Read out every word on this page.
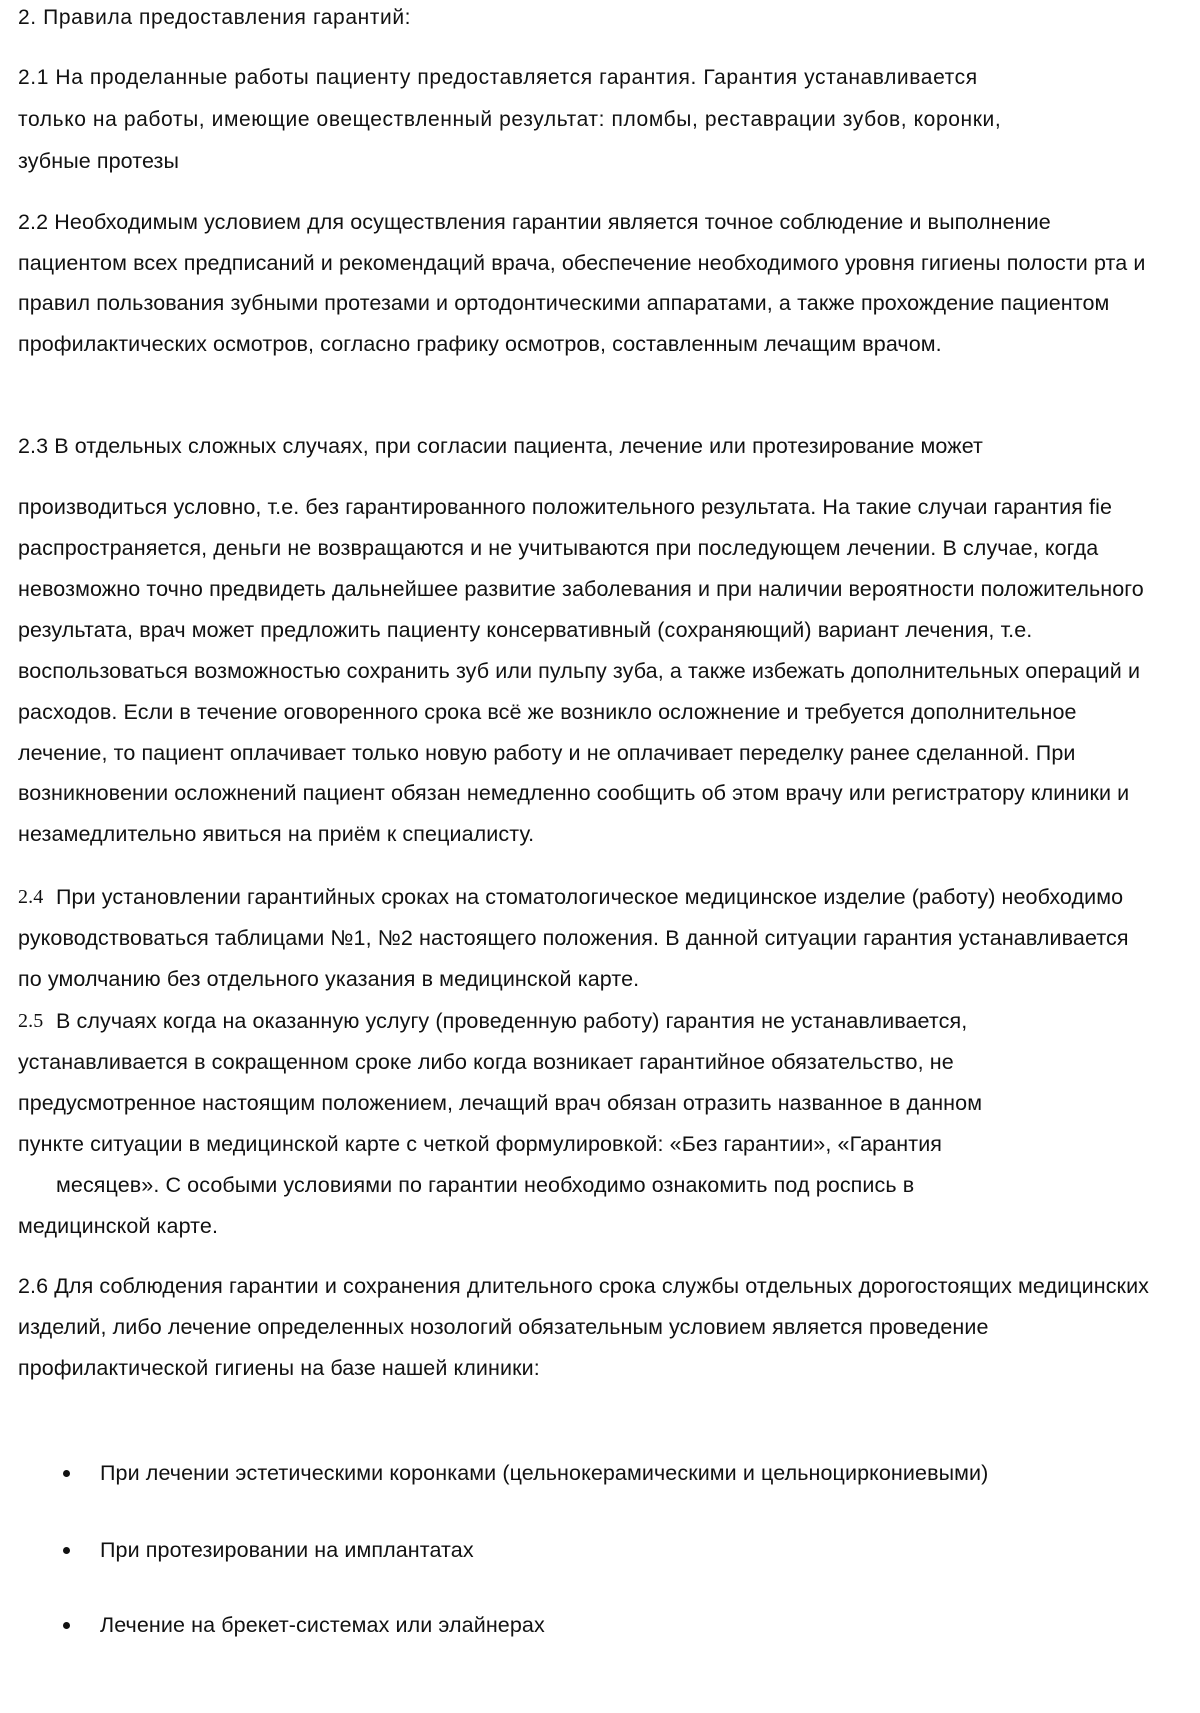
2. Правила предоставления гарантий:
2.1 На проделанные работы пациенту предоставляется гарантия. Гарантия устанавливается
только на работы, имеющие овеществленный результат: пломбы, реставрации зубов, коронки,
зубные протезы
2.2 Необходимым условием для осуществления гарантии является точное соблюдение и выполнение
пациентом всех предписаний и рекомендаций врача, обеспечение необходимого уровня гигиены полости рта и
правил пользования зубными протезами и ортодонтическими аппаратами, а также прохождение пациентом
профилактических осмотров, согласно графику осмотров, составленным лечащим врачом.
2.3 В отдельных сложных случаях, при согласии пациента, лечение или протезирование может
производиться условно, т.е. без гарантированного положительного результата. На такие случаи гарантия fie
распространяется, деньги не возвращаются и не учитываются при последующем лечении. В случае, когда
невозможно точно предвидеть дальнейшее развитие заболевания и при наличии вероятности положительного
результата, врач может предложить пациенту консервативный (сохраняющий) вариант лечения, т.е.
воспользоваться возможностью сохранить зуб или пульпу зуба, а также избежать дополнительных операций и
расходов. Если в течение оговоренного срока всё же возникло осложнение и требуется дополнительное
лечение, то пациент оплачивает только новую работу и не оплачивает переделку ранее сделанной. При
возникновении осложнений пациент обязан немедленно сообщить об этом врачу или регистратору клиники и
незамедлительно явиться на приём к специалисту.
2.4 При установлении гарантийных сроках на стоматологическое медицинское изделие (работу) необходимо
руководствоваться таблицами №1, №2 настоящего положения. В данной ситуации гарантия устанавливается
по умолчанию без отдельного указания в медицинской карте.
2.5 В случаях когда на оказанную услугу (проведенную работу) гарантия не устанавливается,
устанавливается в сокращенном сроке либо когда возникает гарантийное обязательство, не
предусмотренное настоящим положением, лечащий врач обязан отразить названное в данном
пункте ситуации в медицинской карте с четкой формулировкой: «Без гарантии», «Гарантия
месяцев». С особыми условиями по гарантии необходимо ознакомить под роспись в
медицинской карте.
2.6 Для соблюдения гарантии и сохранения длительного срока службы отдельных дорогостоящих медицинских
изделий, либо лечение определенных нозологий обязательным условием является проведение
профилактической гигиены на базе нашей клиники:
При лечении эстетическими коронками (цельнокерамическими и цельноциркониевыми)
При протезировании на имплантатах
Лечение на брекет-системах или элайнерах
